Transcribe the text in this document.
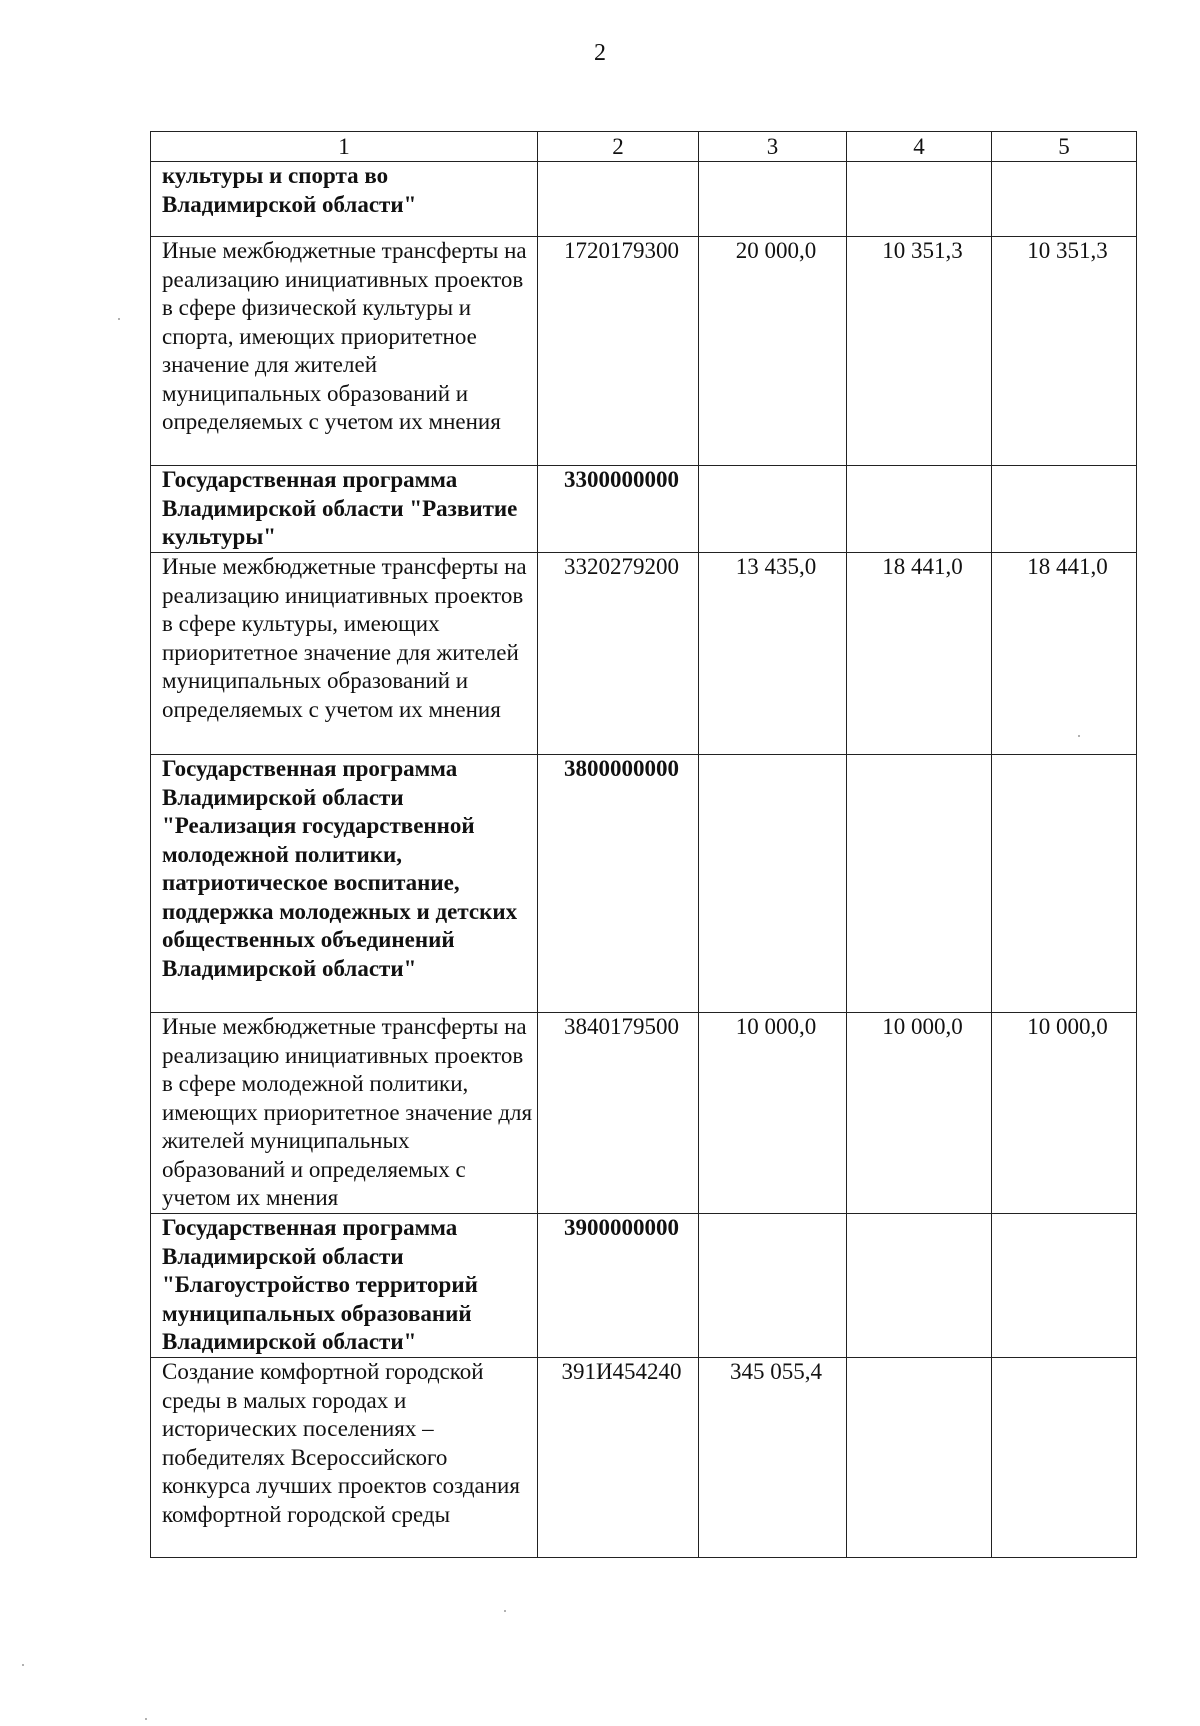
2
1	2	3	4	5
культуры и спорта во Владимирской области"				
Иные межбюджетные трансферты на реализацию инициативных проектов в сфере физической культуры и спорта, имеющих приоритетное значение для жителей муниципальных образований и определяемых с учетом их мнения	1720179300	20 000,0	10 351,3	10 351,3
Государственная программа Владимирской области "Развитие культуры"	3300000000			
Иные межбюджетные трансферты на реализацию инициативных проектов в сфере культуры, имеющих приоритетное значение для жителей муниципальных образований и определяемых с учетом их мнения	3320279200	13 435,0	18 441,0	18 441,0
Государственная программа Владимирской области "Реализация государственной молодежной политики, патриотическое воспитание, поддержка молодежных и детских общественных объединений Владимирской области"	3800000000			
Иные межбюджетные трансферты на реализацию инициативных проектов в сфере молодежной политики, имеющих приоритетное значение для жителей муниципальных образований и определяемых с учетом их мнения	3840179500	10 000,0	10 000,0	10 000,0
Государственная программа Владимирской области "Благоустройство территорий муниципальных образований Владимирской области"	3900000000			
Создание комфортной городской среды в малых городах и исторических поселениях – победителях Всероссийского конкурса лучших проектов создания комфортной городской среды	391И454240	345 055,4		
